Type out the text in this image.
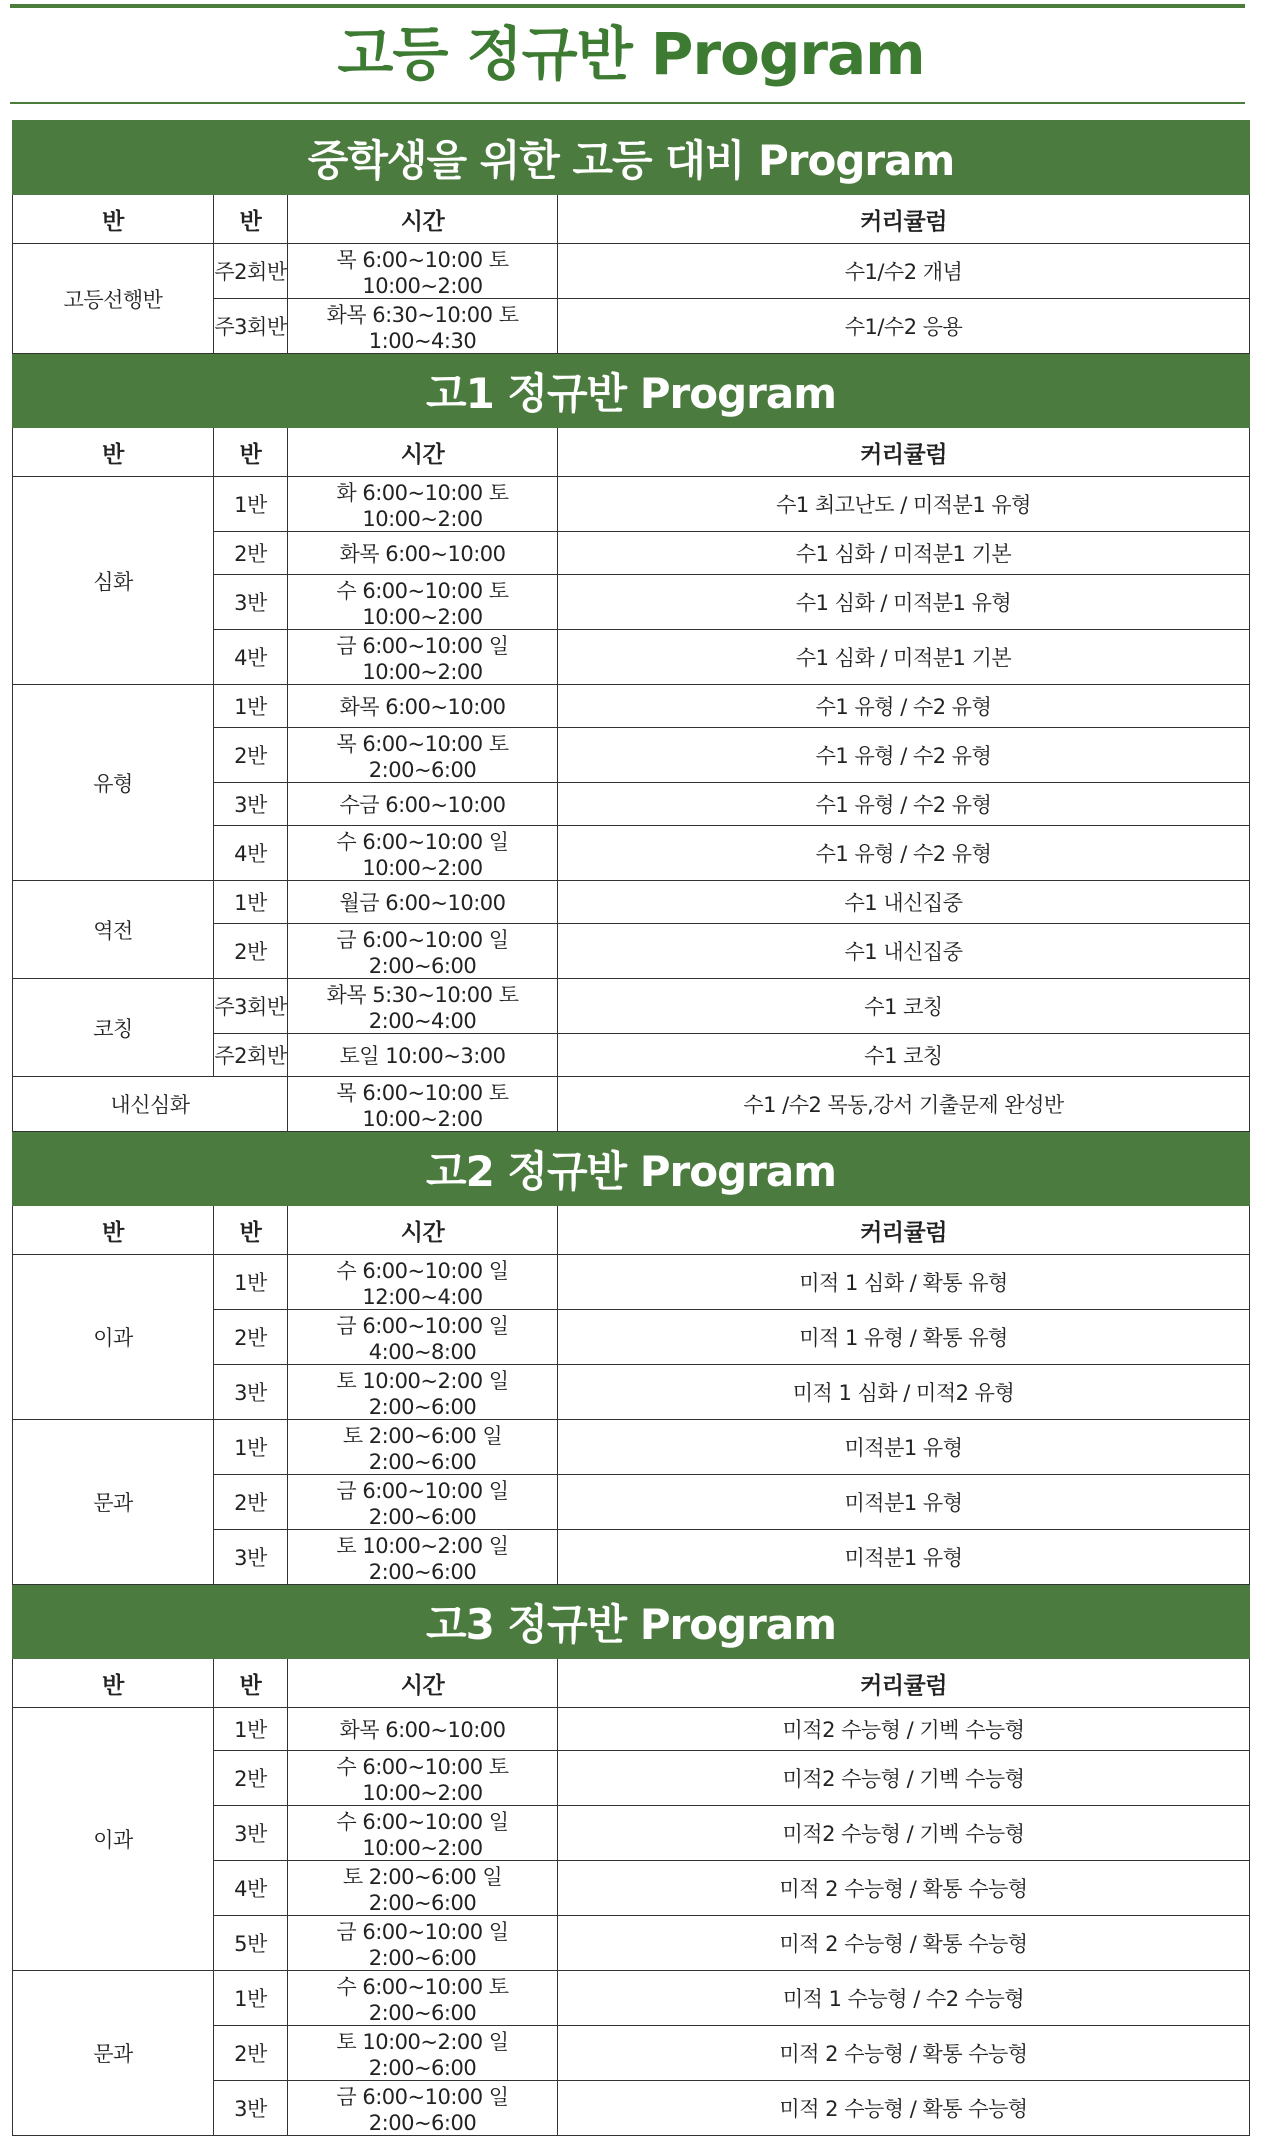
고등 정규반 Program
중학생을 위한 고등 대비 Program			
반	반	시간	커리큘럼
고등선행반	주2회반	목 6:00~10:00 토 10:00~2:00	수1/수2 개념
	주3회반	화목 6:30~10:00 토 1:00~4:30	수1/수2 응용
고1 정규반 Program			
반	반	시간	커리큘럼
심화	1반	화 6:00~10:00 토 10:00~2:00	수1 최고난도 / 미적분1 유형
	2반	화목 6:00~10:00	수1 심화 / 미적분1 기본
	3반	수 6:00~10:00 토 10:00~2:00	수1 심화 / 미적분1 유형
	4반	금 6:00~10:00 일 10:00~2:00	수1 심화 / 미적분1 기본
유형	1반	화목 6:00~10:00	수1 유형 / 수2 유형
	2반	목 6:00~10:00 토 2:00~6:00	수1 유형 / 수2 유형
	3반	수금 6:00~10:00	수1 유형 / 수2 유형
	4반	수 6:00~10:00 일 10:00~2:00	수1 유형 / 수2 유형
역전	1반	월금 6:00~10:00	수1 내신집중
	2반	금 6:00~10:00 일 2:00~6:00	수1 내신집중
코칭	주3회반	화목 5:30~10:00 토 2:00~4:00	수1 코칭
	주2회반	토일 10:00~3:00	수1 코칭
내신심화		목 6:00~10:00 토 10:00~2:00	수1 /수2 목동,강서 기출문제 완성반
고2 정규반 Program			
반	반	시간	커리큘럼
이과	1반	수 6:00~10:00 일 12:00~4:00	미적 1 심화 / 확통 유형
	2반	금 6:00~10:00 일 4:00~8:00	미적 1 유형 / 확통 유형
	3반	토 10:00~2:00 일 2:00~6:00	미적 1 심화 / 미적2 유형
문과	1반	토 2:00~6:00 일 2:00~6:00	미적분1 유형
	2반	금 6:00~10:00 일 2:00~6:00	미적분1 유형
	3반	토 10:00~2:00 일 2:00~6:00	미적분1 유형
고3 정규반 Program			
반	반	시간	커리큘럼
이과	1반	화목 6:00~10:00	미적2 수능형 / 기벡 수능형
	2반	수 6:00~10:00 토 10:00~2:00	미적2 수능형 / 기벡 수능형
	3반	수 6:00~10:00 일 10:00~2:00	미적2 수능형 / 기벡 수능형
	4반	토 2:00~6:00 일 2:00~6:00	미적 2 수능형 / 확통 수능형
	5반	금 6:00~10:00 일 2:00~6:00	미적 2 수능형 / 확통 수능형
문과	1반	수 6:00~10:00 토 2:00~6:00	미적 1 수능형 / 수2 수능형
	2반	토 10:00~2:00 일 2:00~6:00	미적 2 수능형 / 확통 수능형
	3반	금 6:00~10:00 일 2:00~6:00	미적 2 수능형 / 확통 수능형
